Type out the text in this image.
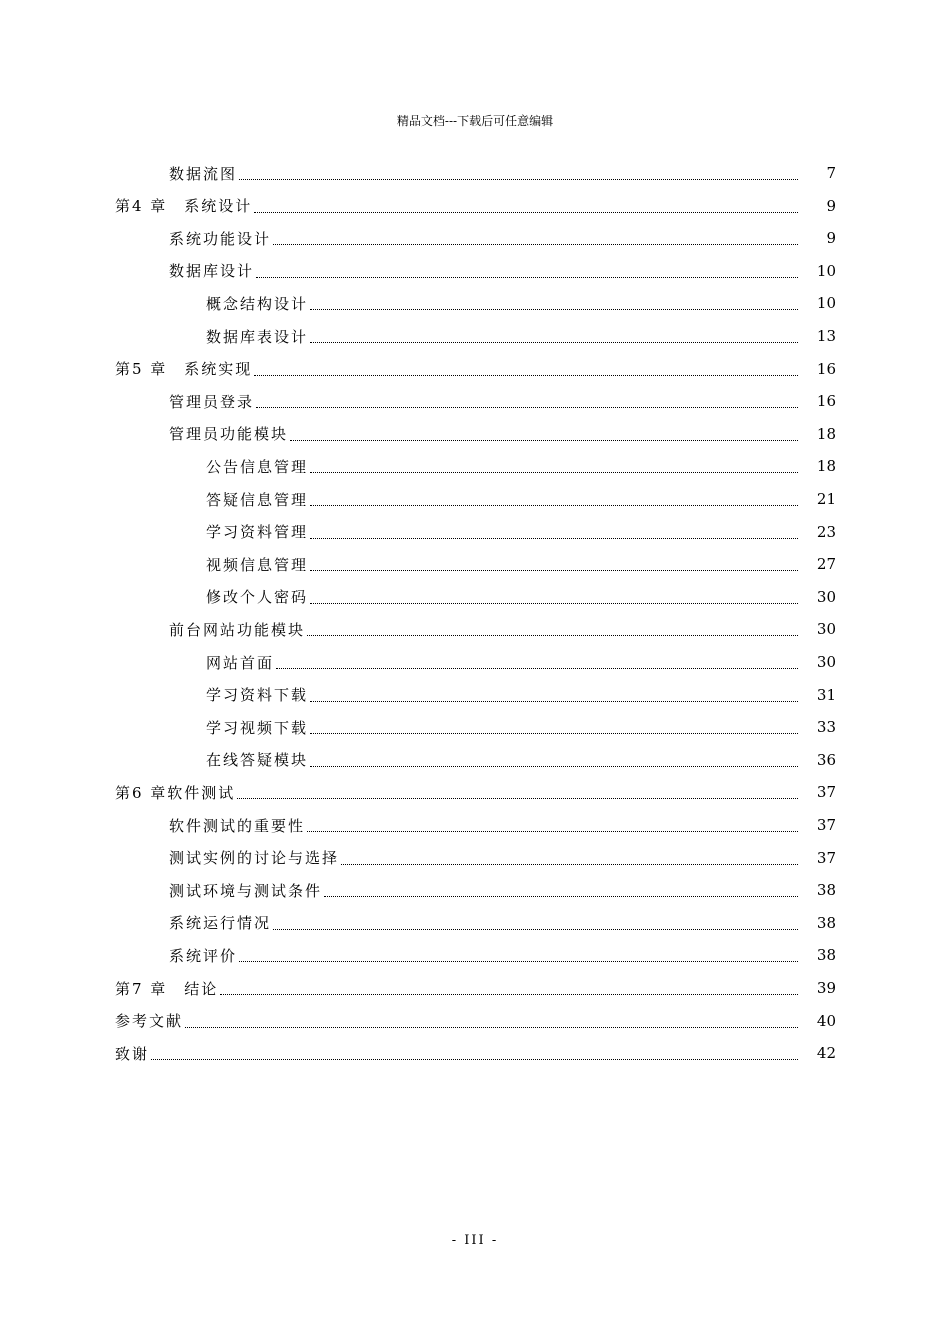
精品文档---下载后可任意编辑
数据流图	7
第4 章　系统设计	9
系统功能设计	9
数据库设计	10
概念结构设计	10
数据库表设计	13
第5 章　系统实现	16
管理员登录	16
管理员功能模块	18
公告信息管理	18
答疑信息管理	21
学习资料管理	23
视频信息管理	27
修改个人密码	30
前台网站功能模块	30
网站首面	30
学习资料下载	31
学习视频下载	33
在线答疑模块	36
第6 章软件测试	37
软件测试的重要性	37
测试实例的讨论与选择	37
测试环境与测试条件	38
系统运行情况	38
系统评价	38
第7 章　结论	39
参考文献	40
致谢	42
- III -
